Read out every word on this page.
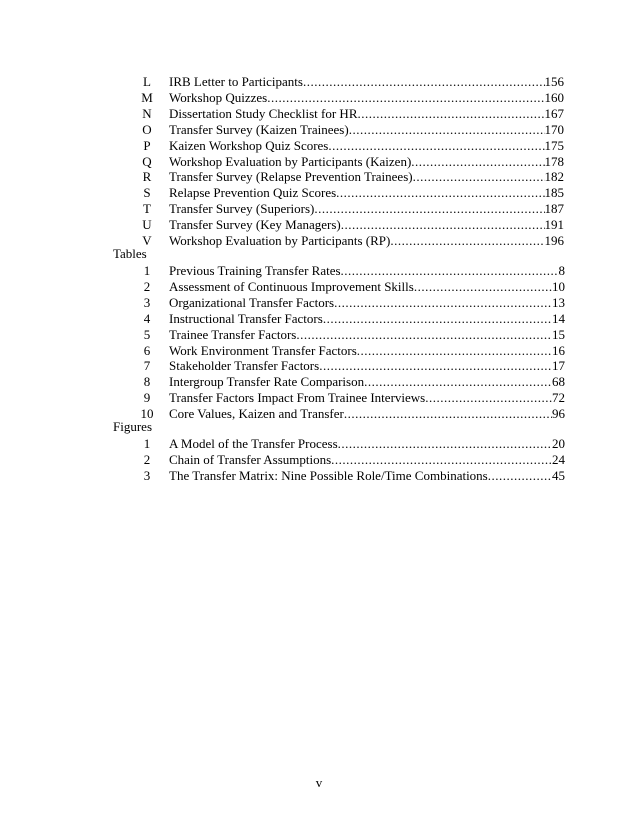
L	IRB Letter to Participants .....	156
M	Workshop Quizzes .....	160
N	Dissertation Study Checklist for HR .....	167
O	Transfer Survey (Kaizen Trainees) .....	170
P	Kaizen Workshop Quiz Scores .....	175
Q	Workshop Evaluation by Participants (Kaizen) .....	178
R	Transfer Survey (Relapse Prevention Trainees) .....	182
S	Relapse Prevention Quiz Scores .....	185
T	Transfer Survey (Superiors) .....	187
U	Transfer Survey (Key Managers) .....	191
V	Workshop Evaluation by Participants (RP) .....	196
Tables
1	Previous Training Transfer Rates .....	8
2	Assessment of Continuous Improvement Skills .....	10
3	Organizational Transfer Factors .....	13
4	Instructional Transfer Factors .....	14
5	Trainee Transfer Factors .....	15
6	Work Environment Transfer Factors .....	16
7	Stakeholder Transfer Factors .....	17
8	Intergroup Transfer Rate Comparison .....	68
9	Transfer Factors Impact From Trainee Interviews .....	72
10	Core Values, Kaizen and Transfer .....	96
Figures
1	A Model of the Transfer Process .....	20
2	Chain of Transfer Assumptions .....	24
3	The Transfer Matrix: Nine Possible Role/Time Combinations .....	45
v
